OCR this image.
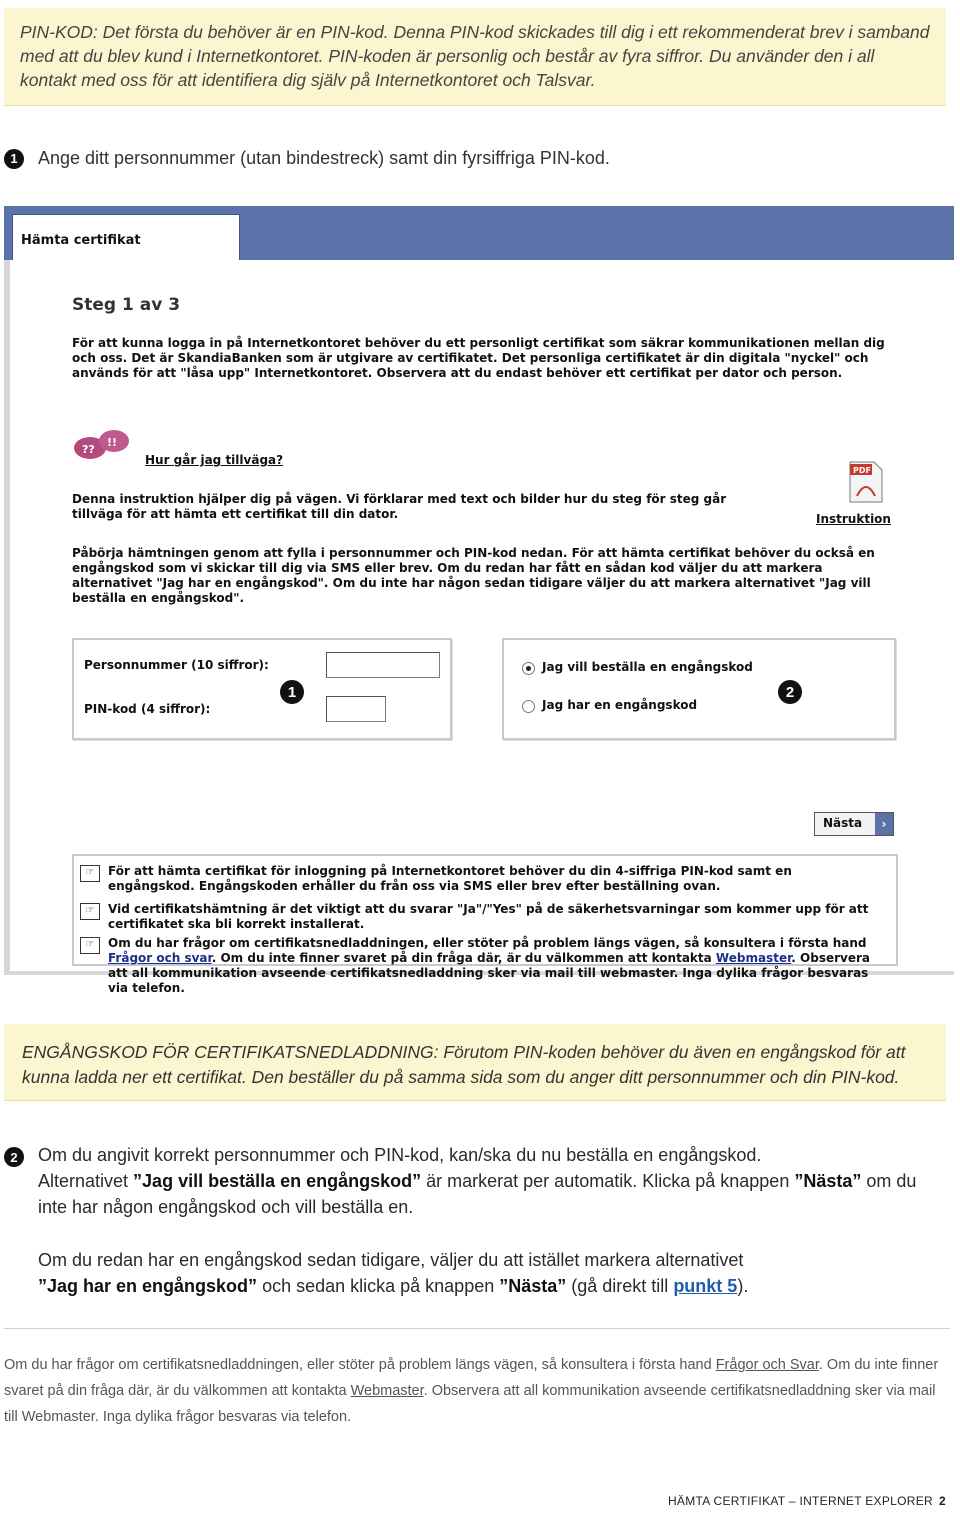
PIN-KOD: Det första du behöver är en PIN-kod. Denna PIN-kod skickades till dig i ett rekommenderat brev i samband med att du blev kund i Internetkontoret. PIN-koden är personlig och består av fyra siffror. Du använder den i all kontakt med oss för att identifiera dig själv på Internetkontoret och Talsvar.

1	Ange ditt personnummer (utan bindestreck) samt din fyrsiffriga PIN-kod.
Hämta certifikat
Steg 1 av 3
För att kunna logga in på Internetkontoret behöver du ett personligt certifikat som säkrar kommunikationen mellan dig och oss. Det är SkandiaBanken som är utgivare av certifikatet. Det personliga certifikatet är din digitala "nyckel" och används för att "låsa upp" Internetkontoret. Observera att du endast behöver ett certifikat per dator och person.
??
!!
Hur går jag tillväga?
Denna instruktion hjälper dig på vägen. Vi förklarar med text och bilder hur du steg för steg går tillväga för att hämta ett certifikat till din dator.
PDF
Instruktion
Påbörja hämtningen genom att fylla i personnummer och PIN-kod nedan. För att hämta certifikat behöver du också en engångskod som vi skickar till dig via SMS eller brev. Om du redan har fått en sådan kod väljer du att markera alternativet "Jag har en engångskod". Om du inte har någon sedan tidigare väljer du att markera alternativet "Jag vill beställa en engångskod".
Personnummer (10 siffror):
PIN-kod (4 siffror):
1
Jag vill beställa en engångskod
Jag har en engångskod
2
Nästa	›
☞	För att hämta certifikat för inloggning på Internetkontoret behöver du din 4-siffriga PIN-kod samt en engångskod. Engångskoden erhåller du från oss via SMS eller brev efter beställning ovan.
☞	Vid certifikatshämtning är det viktigt att du svarar "Ja"/"Yes" på de säkerhetsvarningar som kommer upp för att certifikatet ska bli korrekt installerat.
☞	Om du har frågor om certifikatsnedladdningen, eller stöter på problem längs vägen, så konsultera i första hand Frågor och svar. Om du inte finner svaret på din fråga där, är du välkommen att kontakta Webmaster. Observera att all kommunikation avseende certifikatsnedladdning sker via mail till webmaster. Inga dylika frågor besvaras via telefon.

ENGÅNGSKOD FÖR CERTIFIKATSNEDLADDNING: Förutom PIN-koden behöver du även en engångskod för att kunna ladda ner ett certifikat. Den beställer du på samma sida som du anger ditt personnummer och din PIN-kod.

2	Om du angivit korrekt personnummer och PIN-kod, kan/ska du nu beställa en engångskod.
Alternativet ”Jag vill beställa en engångskod” är markerat per automatik. Klicka på knappen ”Nästa” om du inte har någon engångskod och vill beställa en.
Om du redan har en engångskod sedan tidigare, väljer du att istället markera alternativet
”Jag har en engångskod” och sedan klicka på knappen ”Nästa” (gå direkt till punkt 5).
Om du har frågor om certifikatsnedladdningen, eller stöter på problem längs vägen, så konsultera i första hand Frågor och Svar. Om du inte finner svaret på din fråga där, är du välkommen att kontakta Webmaster. Observera att all kommunikation avseende certifikatsnedladdning sker via mail till Webmaster. Inga dylika frågor besvaras via telefon.
HÄMTA CERTIFIKAT – INTERNET EXPLORER 2
